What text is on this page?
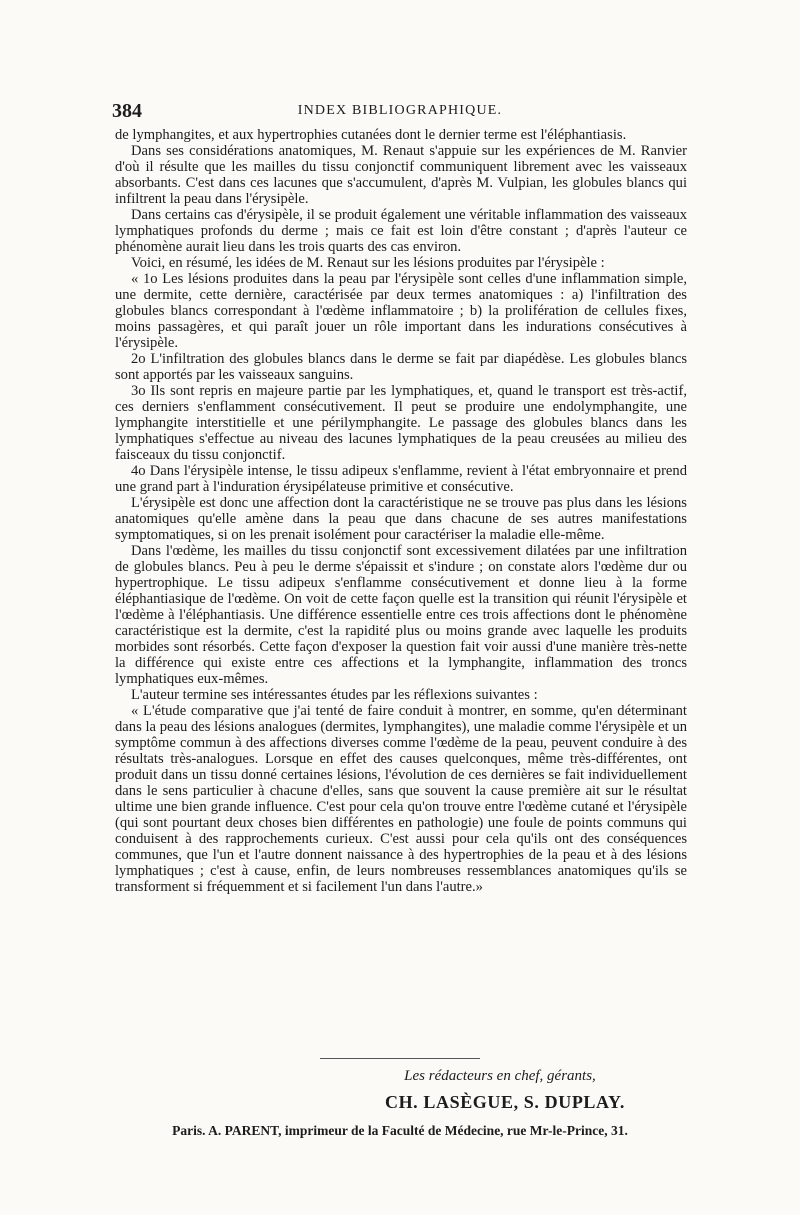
384	INDEX BIBLIOGRAPHIQUE.

de lymphangites, et aux hypertrophies cutanées dont le dernier terme est l'éléphantiasis.

Dans ses considérations anatomiques, M. Renaut s'appuie sur les expériences de M. Ranvier d'où il résulte que les mailles du tissu conjonctif communiquent librement avec les vaisseaux absorbants. C'est dans ces lacunes que s'accumulent, d'après M. Vulpian, les globules blancs qui infiltrent la peau dans l'érysipèle.

Dans certains cas d'érysipèle, il se produit également une véritable inflammation des vaisseaux lymphatiques profonds du derme ; mais ce fait est loin d'être constant ; d'après l'auteur ce phénomène aurait lieu dans les trois quarts des cas environ.

Voici, en résumé, les idées de M. Renaut sur les lésions produites par l'érysipèle :

« 1o Les lésions produites dans la peau par l'érysipèle sont celles d'une inflammation simple, une dermite, cette dernière, caractérisée par deux termes anatomiques : a) l'infiltration des globules blancs correspondant à l'œdème inflammatoire ; b) la prolifération de cellules fixes, moins passagères, et qui paraît jouer un rôle important dans les indurations consécutives à l'érysipèle.

2o L'infiltration des globules blancs dans le derme se fait par diapédèse. Les globules blancs sont apportés par les vaisseaux sanguins.

3o Ils sont repris en majeure partie par les lymphatiques, et, quand le transport est très-actif, ces derniers s'enflamment consécutivement. Il peut se produire une endolymphangite, une lymphangite interstitielle et une périlymphangite. Le passage des globules blancs dans les lymphatiques s'effectue au niveau des lacunes lymphatiques de la peau creusées au milieu des faisceaux du tissu conjonctif.

4o Dans l'érysipèle intense, le tissu adipeux s'enflamme, revient à l'état embryonnaire et prend une grand part à l'induration érysipélateuse primitive et consécutive.

L'érysipèle est donc une affection dont la caractéristique ne se trouve pas plus dans les lésions anatomiques qu'elle amène dans la peau que dans chacune de ses autres manifestations symptomatiques, si on les prenait isolément pour caractériser la maladie elle-même.

Dans l'œdème, les mailles du tissu conjonctif sont excessivement dilatées par une infiltration de globules blancs. Peu à peu le derme s'épaissit et s'indure ; on constate alors l'œdème dur ou hypertrophique. Le tissu adipeux s'enflamme consécutivement et donne lieu à la forme éléphantiasique de l'œdème. On voit de cette façon quelle est la transition qui réunit l'érysipèle et l'œdème à l'éléphantiasis. Une différence essentielle entre ces trois affections dont le phénomène caractéristique est la dermite, c'est la rapidité plus ou moins grande avec laquelle les produits morbides sont résorbés. Cette façon d'exposer la question fait voir aussi d'une manière très-nette la différence qui existe entre ces affections et la lymphangite, inflammation des troncs lymphatiques eux-mêmes.

L'auteur termine ses intéressantes études par les réflexions suivantes :

« L'étude comparative que j'ai tenté de faire conduit à montrer, en somme, qu'en déterminant dans la peau des lésions analogues (dermites, lymphangites), une maladie comme l'érysipèle et un symptôme commun à des affections diverses comme l'œdème de la peau, peuvent conduire à des résultats très-analogues. Lorsque en effet des causes quelconques, même très-différentes, ont produit dans un tissu donné certaines lésions, l'évolution de ces dernières se fait individuellement dans le sens particulier à chacune d'elles, sans que souvent la cause première ait sur le résultat ultime une bien grande influence. C'est pour cela qu'on trouve entre l'œdème cutané et l'érysipèle (qui sont pourtant deux choses bien différentes en pathologie) une foule de points communs qui conduisent à des rapprochements curieux. C'est aussi pour cela qu'ils ont des conséquences communes, que l'un et l'autre donnent naissance à des hypertrophies de la peau et à des lésions lymphatiques ; c'est à cause, enfin, de leurs nombreuses ressemblances anatomiques qu'ils se transforment si fréquemment et si facilement l'un dans l'autre.»

Les rédacteurs en chef, gérants,
CH. LASÈGUE, S. DUPLAY.
Paris. A. PARENT, imprimeur de la Faculté de Médecine, rue Mr-le-Prince, 31.
